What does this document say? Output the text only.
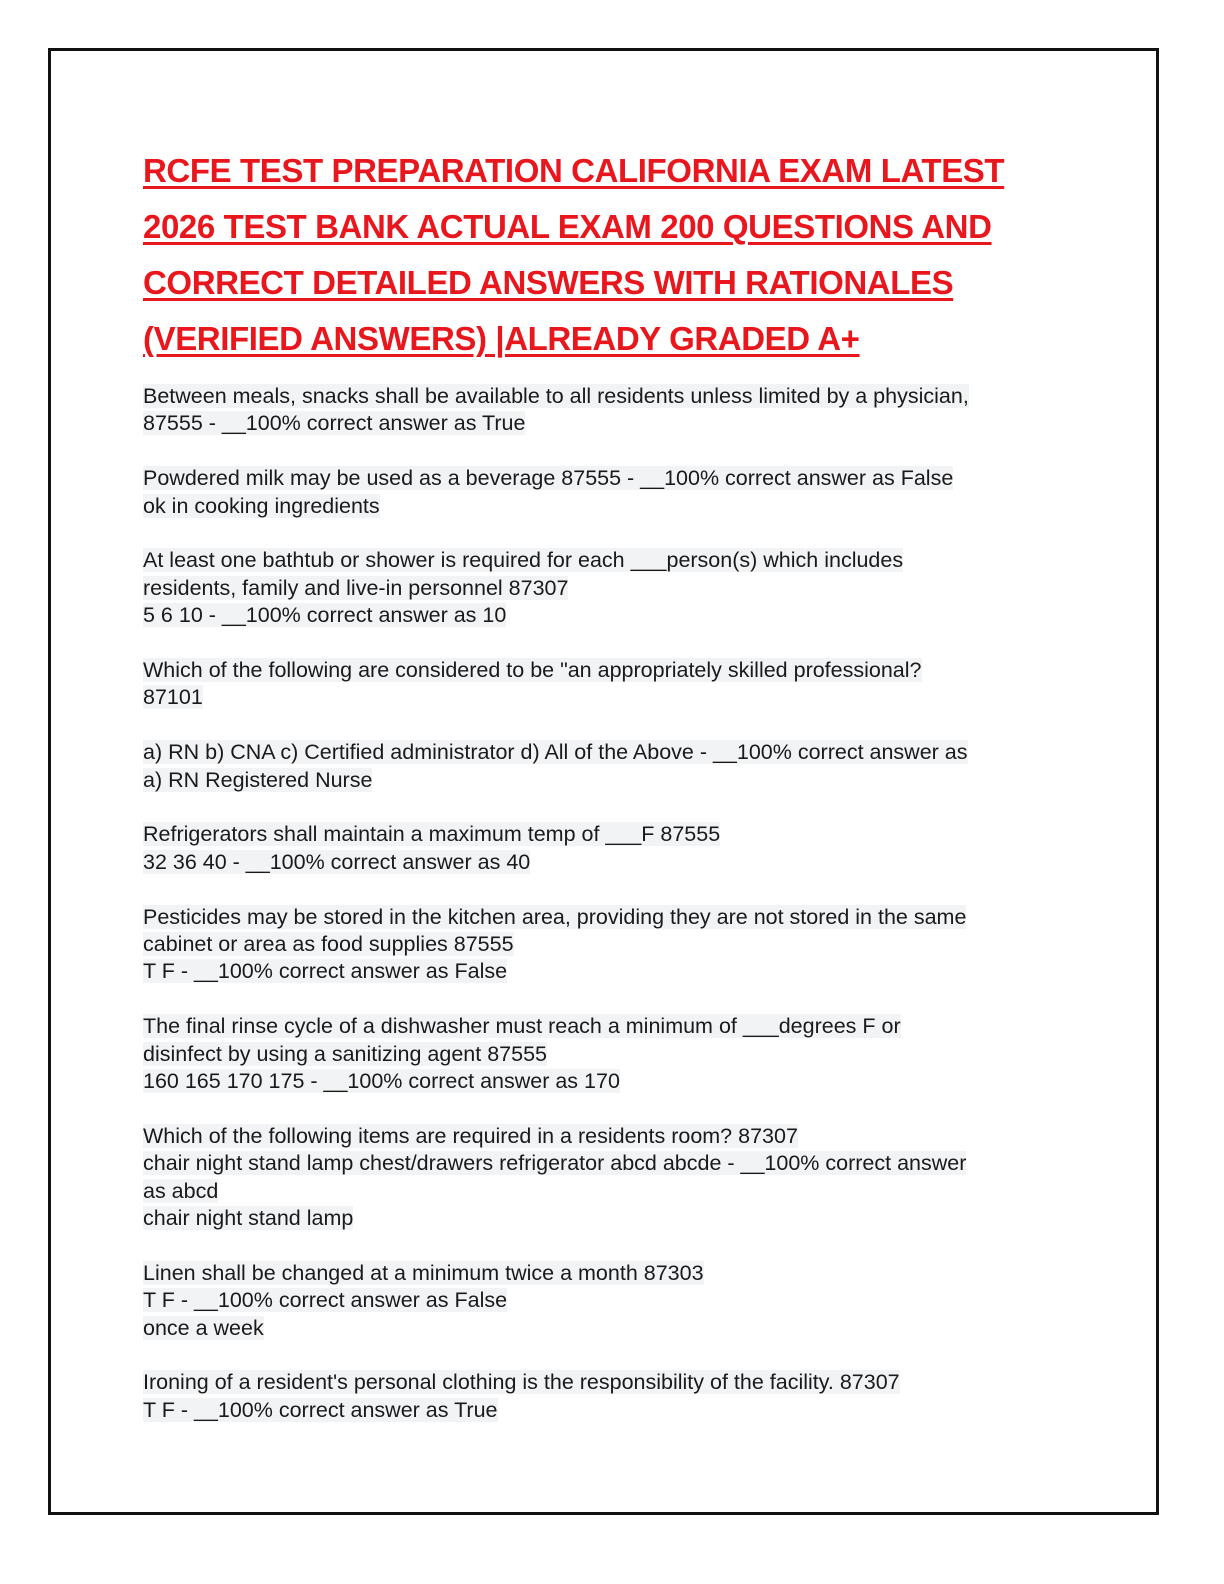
RCFE TEST PREPARATION CALIFORNIA EXAM LATEST
2026 TEST BANK ACTUAL EXAM 200 QUESTIONS AND
CORRECT DETAILED ANSWERS WITH RATIONALES
(VERIFIED ANSWERS) |ALREADY GRADED A+
Between meals, snacks shall be available to all residents unless limited by a physician,
87555 - __100% correct answer as True
Powdered milk may be used as a beverage 87555 - __100% correct answer as False
ok in cooking ingredients
At least one bathtub or shower is required for each ___person(s) which includes
residents, family and live-in personnel 87307
5 6 10 - __100% correct answer as 10
Which of the following are considered to be "an appropriately skilled professional?
87101
a) RN b) CNA c) Certified administrator d) All of the Above - __100% correct answer as
a) RN Registered Nurse
Refrigerators shall maintain a maximum temp of ___F 87555
32 36 40 - __100% correct answer as 40
Pesticides may be stored in the kitchen area, providing they are not stored in the same
cabinet or area as food supplies 87555
T F - __100% correct answer as False
The final rinse cycle of a dishwasher must reach a minimum of ___degrees F or
disinfect by using a sanitizing agent 87555
160 165 170 175 - __100% correct answer as 170
Which of the following items are required in a residents room? 87307
chair night stand lamp chest/drawers refrigerator abcd abcde - __100% correct answer
as abcd
chair night stand lamp
Linen shall be changed at a minimum twice a month 87303
T F - __100% correct answer as False
once a week
Ironing of a resident's personal clothing is the responsibility of the facility. 87307
T F - __100% correct answer as True
